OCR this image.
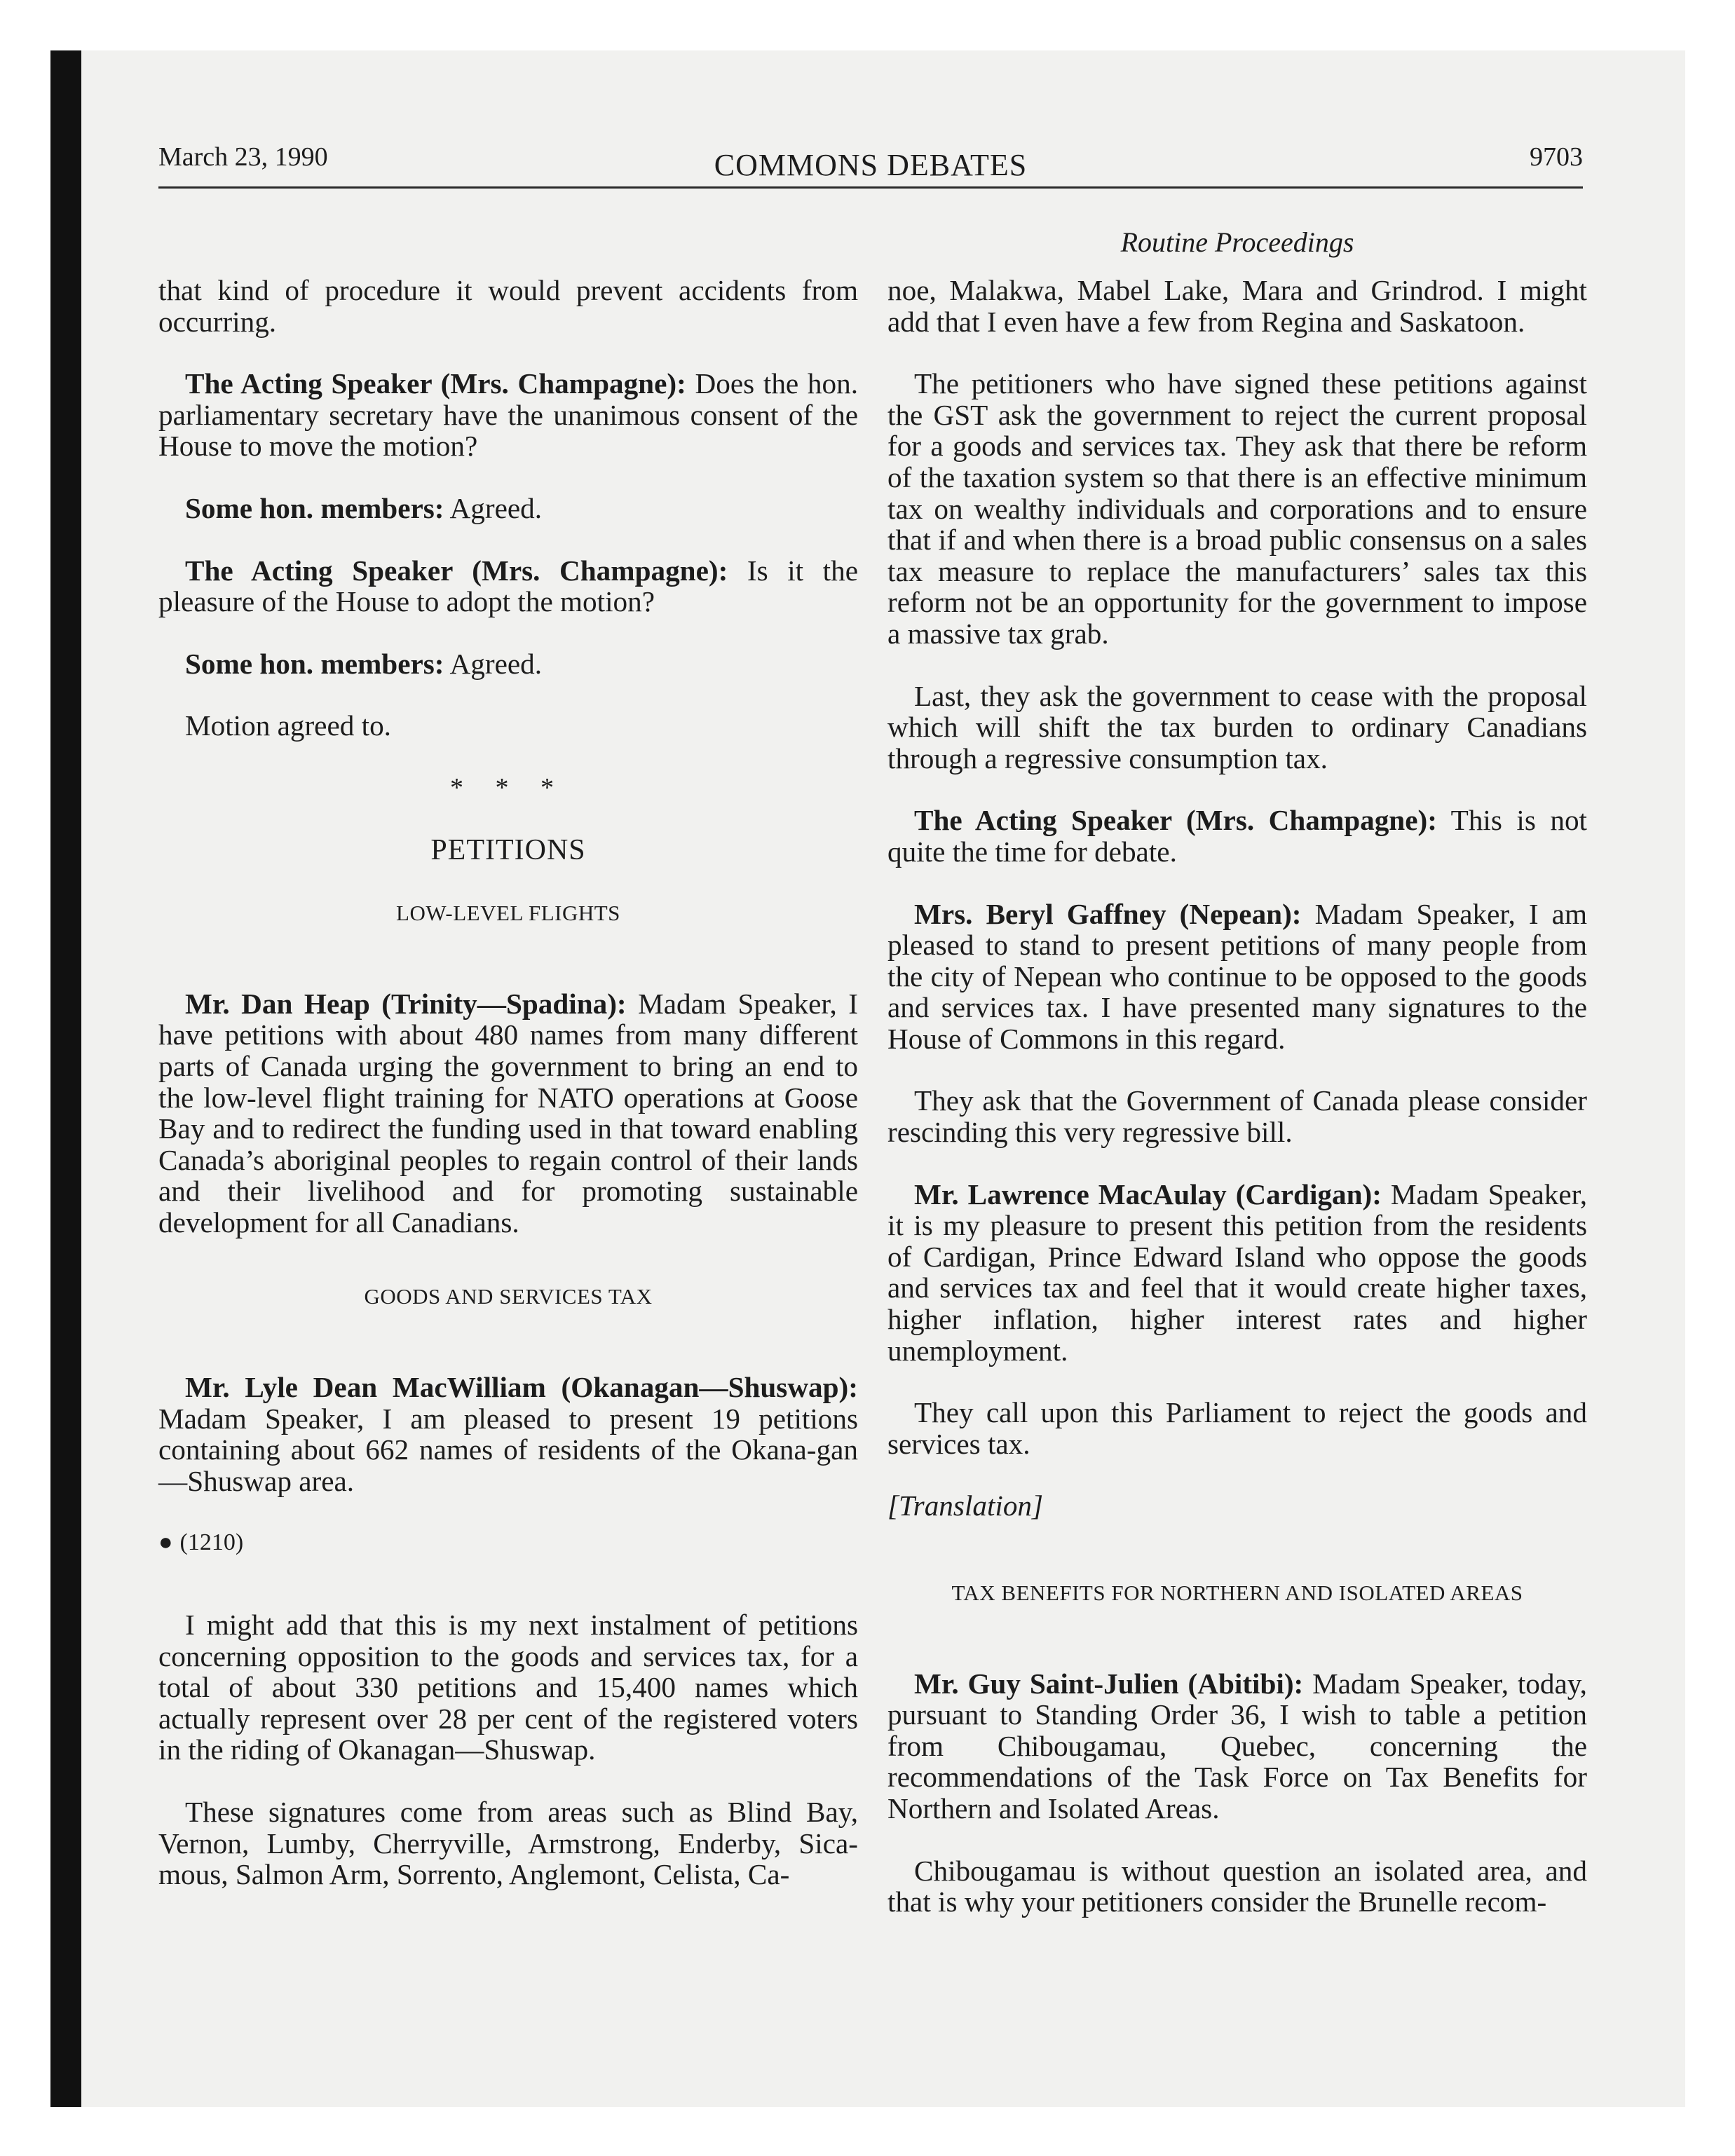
March 23, 1990	COMMONS DEBATES	9703
Routine Proceedings

that kind of procedure it would prevent accidents from occurring.

The Acting Speaker (Mrs. Champagne): Does the hon. parliamentary secretary have the unanimous consent of the House to move the motion?

Some hon. members: Agreed.

The Acting Speaker (Mrs. Champagne): Is it the pleasure of the House to adopt the motion?

Some hon. members: Agreed.

Motion agreed to.

* * *
PETITIONS
LOW-LEVEL FLIGHTS

Mr. Dan Heap (Trinity—Spadina): Madam Speaker, I have petitions with about 480 names from many different parts of Canada urging the government to bring an end to the low-level flight training for NATO operations at Goose Bay and to redirect the funding used in that toward enabling Canada’s aboriginal peoples to regain control of their lands and their livelihood and for promoting sustainable development for all Canadians.

GOODS AND SERVICES TAX

Mr. Lyle Dean MacWilliam (Okanagan—Shuswap): Madam Speaker, I am pleased to present 19 petitions containing about 662 names of residents of the Okana-gan—Shuswap area.

● (1210)

I might add that this is my next instalment of petitions concerning opposition to the goods and services tax, for a total of about 330 petitions and 15,400 names which actually represent over 28 per cent of the registered voters in the riding of Okanagan—Shuswap.

These signatures come from areas such as Blind Bay, Vernon, Lumby, Cherryville, Armstrong, Enderby, Sica-mous, Salmon Arm, Sorrento, Anglemont, Celista, Ca-

noe, Malakwa, Mabel Lake, Mara and Grindrod. I might add that I even have a few from Regina and Saskatoon.

The petitioners who have signed these petitions against the GST ask the government to reject the current proposal for a goods and services tax. They ask that there be reform of the taxation system so that there is an effective minimum tax on wealthy individuals and corporations and to ensure that if and when there is a broad public consensus on a sales tax measure to replace the manufacturers’ sales tax this reform not be an opportunity for the government to impose a massive tax grab.

Last, they ask the government to cease with the proposal which will shift the tax burden to ordinary Canadians through a regressive consumption tax.

The Acting Speaker (Mrs. Champagne): This is not quite the time for debate.

Mrs. Beryl Gaffney (Nepean): Madam Speaker, I am pleased to stand to present petitions of many people from the city of Nepean who continue to be opposed to the goods and services tax. I have presented many signatures to the House of Commons in this regard.

They ask that the Government of Canada please consider rescinding this very regressive bill.

Mr. Lawrence MacAulay (Cardigan): Madam Speaker, it is my pleasure to present this petition from the residents of Cardigan, Prince Edward Island who oppose the goods and services tax and feel that it would create higher taxes, higher inflation, higher interest rates and higher unemployment.

They call upon this Parliament to reject the goods and services tax.

[Translation]
TAX BENEFITS FOR NORTHERN AND ISOLATED AREAS

Mr. Guy Saint-Julien (Abitibi): Madam Speaker, today, pursuant to Standing Order 36, I wish to table a petition from Chibougamau, Quebec, concerning the recommendations of the Task Force on Tax Benefits for Northern and Isolated Areas.

Chibougamau is without question an isolated area, and that is why your petitioners consider the Brunelle recom-
